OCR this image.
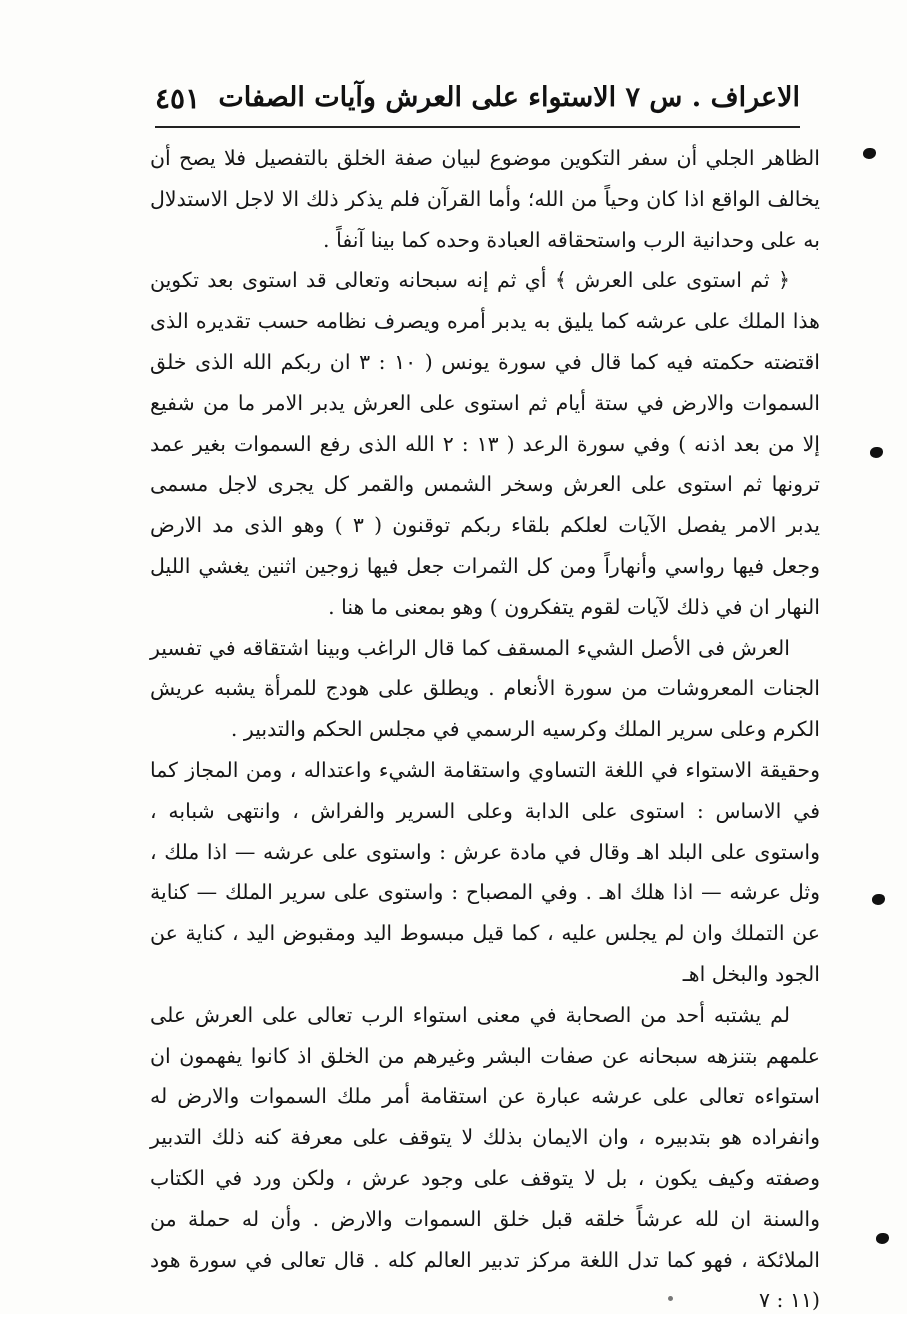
الاعراف . س ٧ الاستواء على العرش وآيات الصفات
٤٥١

الظاهر الجلي أن سفر التكوين موضوع لبيان صفة الخلق بالتفصيل فلا يصح أن يخالف الواقع اذا كان وحياً من الله؛ وأما القرآن فلم يذكر ذلك الا لاجل الاستدلال به على وحدانية الرب واستحقاقه العبادة وحده كما بينا آنفاً .

﴿ ثم استوى على العرش ﴾ أي ثم إنه سبحانه وتعالى قد استوى بعد تكوين هذا الملك على عرشه كما يليق به يدبر أمره ويصرف نظامه حسب تقديره الذى اقتضته حكمته فيه كما قال في سورة يونس ( ١٠ : ٣ ان ربكم الله الذى خلق السموات والارض في ستة أيام ثم استوى على العرش يدبر الامر ما من شفيع إلا من بعد اذنه ) وفي سورة الرعد ( ١٣ : ٢ الله الذى رفع السموات بغير عمد ترونها ثم استوى على العرش وسخر الشمس والقمر كل يجرى لاجل مسمى يدبر الامر يفصل الآيات لعلكم بلقاء ربكم توقنون ( ٣ ) وهو الذى مد الارض وجعل فيها رواسي وأنهاراً ومن كل الثمرات جعل فيها زوجين اثنين يغشي الليل النهار ان في ذلك لآيات لقوم يتفكرون ) وهو بمعنى ما هنا .

العرش فى الأصل الشيء المسقف كما قال الراغب وبينا اشتقاقه في تفسير الجنات المعروشات من سورة الأنعام . ويطلق على هودج للمرأة يشبه عريش الكرم وعلى سرير الملك وكرسيه الرسمي في مجلس الحكم والتدبير .

وحقيقة الاستواء في اللغة التساوي واستقامة الشيء واعتداله ، ومن المجاز كما في الاساس : استوى على الدابة وعلى السرير والفراش ، وانتهى شبابه ، واستوى على البلد اهـ وقال في مادة عرش : واستوى على عرشه — اذا ملك ، وثل عرشه — اذا هلك اهـ . وفي المصباح : واستوى على سرير الملك — كناية عن التملك وان لم يجلس عليه ، كما قيل مبسوط اليد ومقبوض اليد ، كناية عن الجود والبخل اهـ

لم يشتبه أحد من الصحابة في معنى استواء الرب تعالى على العرش على علمهم بتنزهه سبحانه عن صفات البشر وغيرهم من الخلق اذ كانوا يفهمون ان استواءه تعالى على عرشه عبارة عن استقامة أمر ملك السموات والارض له وانفراده هو بتدبيره ، وان الايمان بذلك لا يتوقف على معرفة كنه ذلك التدبير وصفته وكيف يكون ، بل لا يتوقف على وجود عرش ، ولكن ورد في الكتاب والسنة ان لله عرشاً خلقه قبل خلق السموات والارض . وأن له حملة من الملائكة ، فهو كما تدل اللغة مركز تدبير العالم كله . قال تعالى في سورة هود (١١ : ٧
